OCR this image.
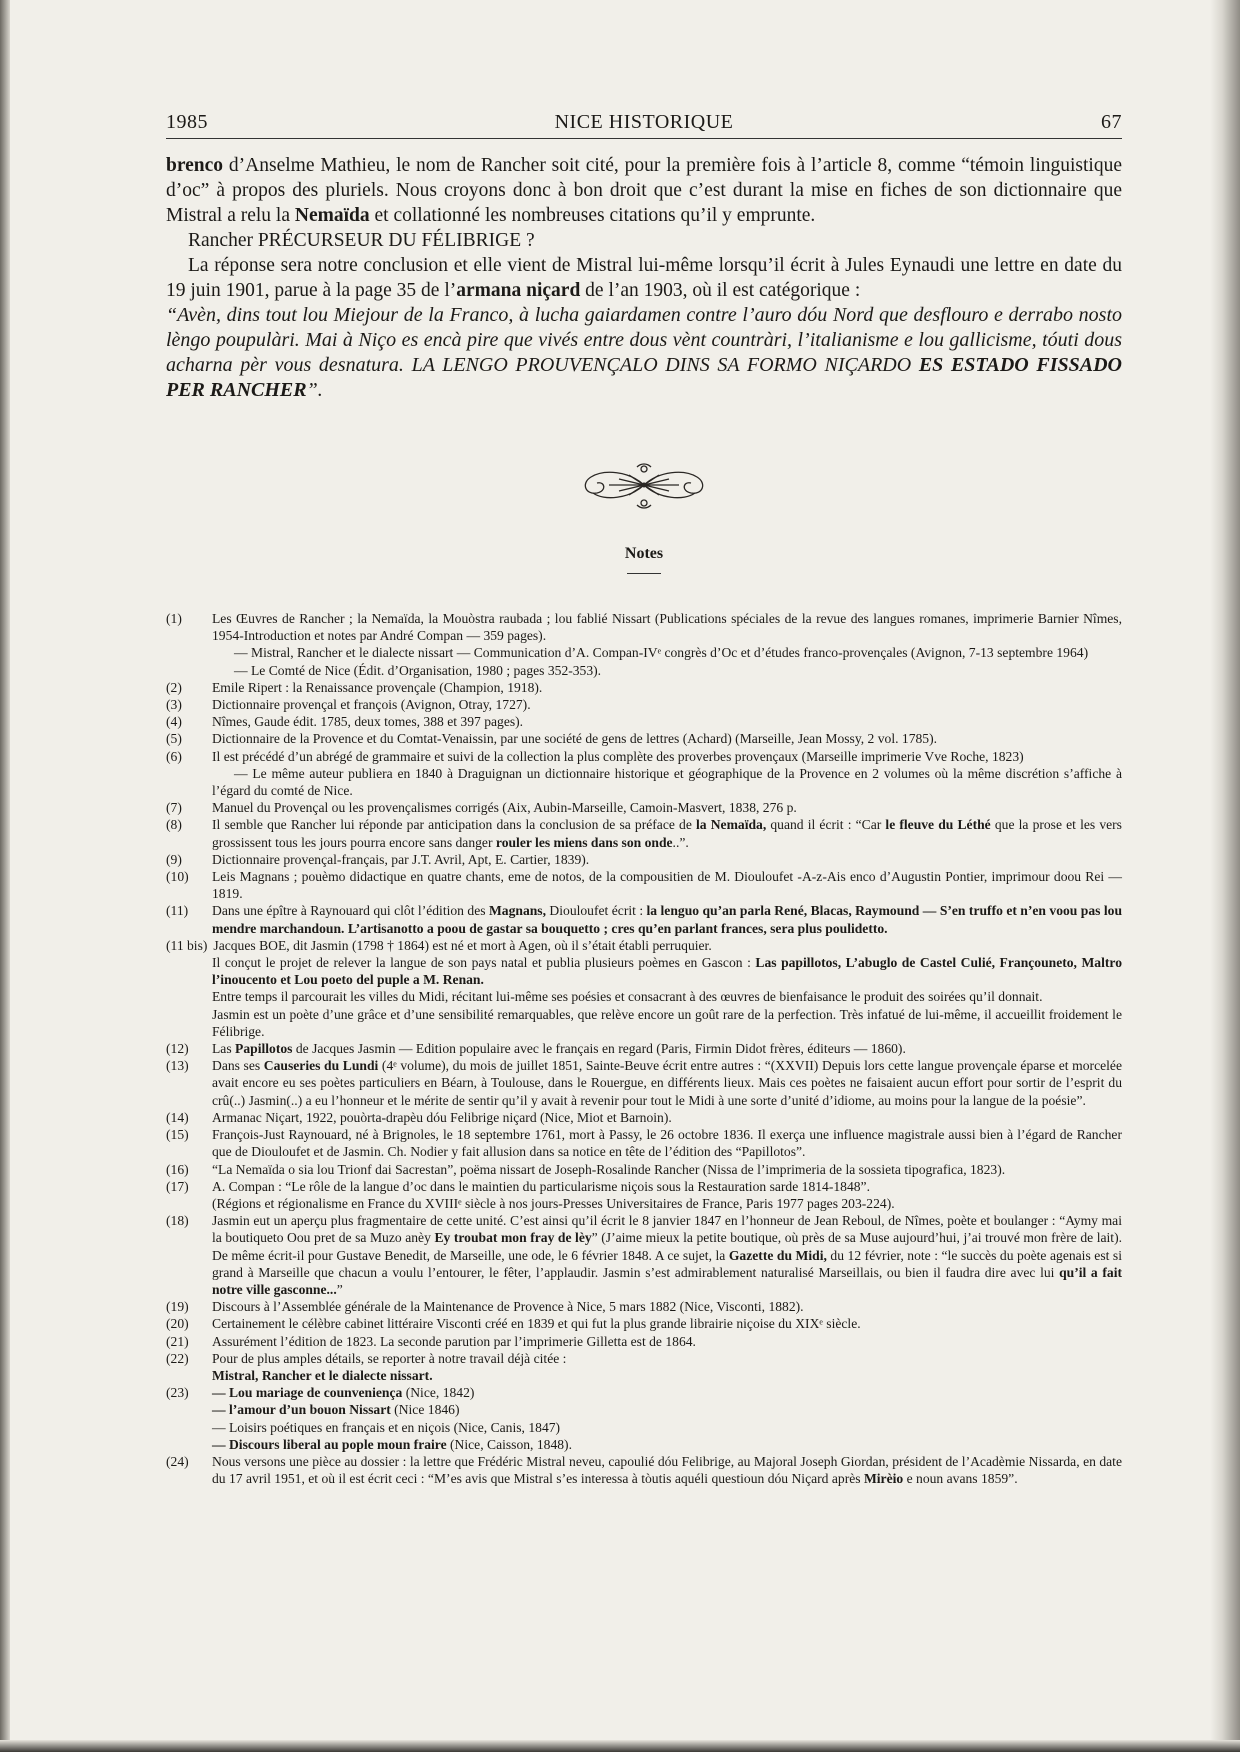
1985	NICE HISTORIQUE	67

brenco d’Anselme Mathieu, le nom de Rancher soit cité, pour la première fois à l’article 8, comme “témoin linguistique d’oc” à propos des pluriels. Nous croyons donc à bon droit que c’est durant la mise en fiches de son dictionnaire que Mistral a relu la Nemaïda et collationné les nombreuses citations qu’il y emprunte.

Rancher PRÉCURSEUR DU FÉLIBRIGE ?

La réponse sera notre conclusion et elle vient de Mistral lui-même lorsqu’il écrit à Jules Eynaudi une lettre en date du 19 juin 1901, parue à la page 35 de l’armana niçard de l’an 1903, où il est catégorique :

“Avèn, dins tout lou Miejour de la Franco, à lucha gaiardamen contre l’auro dóu Nord que desflouro e derrabo nosto lèngo poupulàri. Mai à Niço es encà pire que vivés entre dous vènt countràri, l’italianisme e lou gallicisme, tóuti dous acharna pèr vous desnatura. LA LENGO PROUVENÇALO DINS SA FORMO NIÇARDO ES ESTADO FISSADO PER RANCHER”.

Notes
(1)	Les Œuvres de Rancher ; la Nemaïda, la Mouòstra raubada ; lou fablié Nissart (Publications spéciales de la revue des langues romanes, imprimerie Barnier Nîmes, 1954-Introduction et notes par André Compan — 359 pages).
— Mistral, Rancher et le dialecte nissart — Communication d’A. Compan-IVᵉ congrès d’Oc et d’études franco-provençales (Avignon, 7-13 septembre 1964)
— Le Comté de Nice (Édit. d’Organisation, 1980 ; pages 352-353).
(2)	Emile Ripert : la Renaissance provençale (Champion, 1918).
(3)	Dictionnaire provençal et françois (Avignon, Otray, 1727).
(4)	Nîmes, Gaude édit. 1785, deux tomes, 388 et 397 pages).
(5)	Dictionnaire de la Provence et du Comtat-Venaissin, par une société de gens de lettres (Achard) (Marseille, Jean Mossy, 2 vol. 1785).
(6)	Il est précédé d’un abrégé de grammaire et suivi de la collection la plus complète des proverbes provençaux (Marseille imprimerie Vve Roche, 1823)
— Le même auteur publiera en 1840 à Draguignan un dictionnaire historique et géographique de la Provence en 2 volumes où la même discrétion s’affiche à l’égard du comté de Nice.
(7)	Manuel du Provençal ou les provençalismes corrigés (Aix, Aubin-Marseille, Camoin-Masvert, 1838, 276 p.
(8)	Il semble que Rancher lui réponde par anticipation dans la conclusion de sa préface de la Nemaïda, quand il écrit : “Car le fleuve du Léthé que la prose et les vers grossissent tous les jours pourra encore sans danger rouler les miens dans son onde..”.
(9)	Dictionnaire provençal-français, par J.T. Avril, Apt, E. Cartier, 1839).
(10)	Leis Magnans ; pouèmo didactique en quatre chants, eme de notos, de la compousitien de M. Diouloufet -A-z-Ais enco d’Augustin Pontier, imprimour doou Rei — 1819.
(11)	Dans une épître à Raynouard qui clôt l’édition des Magnans, Diouloufet écrit : la lenguo qu’an parla René, Blacas, Raymound — S’en truffo et n’en voou pas lou mendre marchandoun. L’artisanotto a poou de gastar sa bouquetto ; cres qu’en parlant frances, sera plus poulidetto.
(11 bis) Jacques BOE, dit Jasmin (1798 † 1864) est né et mort à Agen, où il s’était établi perruquier.
Il conçut le projet de relever la langue de son pays natal et publia plusieurs poèmes en Gascon : Las papillotos, L’abuglo de Castel Culié, Françouneto, Maltro l’inoucento et Lou poeto del puple a M. Renan.
Entre temps il parcourait les villes du Midi, récitant lui-même ses poésies et consacrant à des œuvres de bienfaisance le produit des soirées qu’il donnait.
Jasmin est un poète d’une grâce et d’une sensibilité remarquables, que relève encore un goût rare de la perfection. Très infatué de lui-même, il accueillit froidement le Félibrige.
(12)	Las Papillotos de Jacques Jasmin — Edition populaire avec le français en regard (Paris, Firmin Didot frères, éditeurs — 1860).
(13)	Dans ses Causeries du Lundi (4ᵉ volume), du mois de juillet 1851, Sainte-Beuve écrit entre autres : “(XXVII) Depuis lors cette langue provençale éparse et morcelée avait encore eu ses poètes particuliers en Béarn, à Toulouse, dans le Rouergue, en différents lieux. Mais ces poètes ne faisaient aucun effort pour sortir de l’esprit du crû(..) Jasmin(..) a eu l’honneur et le mérite de sentir qu’il y avait à revenir pour tout le Midi à une sorte d’unité d’idiome, au moins pour la langue de la poésie”.
(14)	Armanac Niçart, 1922, pouòrta-drapèu dóu Felibrige niçard (Nice, Miot et Barnoin).
(15)	François-Just Raynouard, né à Brignoles, le 18 septembre 1761, mort à Passy, le 26 octobre 1836. Il exerça une influence magistrale aussi bien à l’égard de Rancher que de Diouloufet et de Jasmin. Ch. Nodier y fait allusion dans sa notice en tête de l’édition des “Papillotos”.
(16)	“La Nemaïda o sia lou Trionf dai Sacrestan”, poëma nissart de Joseph-Rosalinde Rancher (Nissa de l’imprimeria de la sossieta tipografica, 1823).
(17)	A. Compan : “Le rôle de la langue d’oc dans le maintien du particularisme niçois sous la Restauration sarde 1814-1848”.
(Régions et régionalisme en France du XVIIIᵉ siècle à nos jours-Presses Universitaires de France, Paris 1977 pages 203-224).
(18)	Jasmin eut un aperçu plus fragmentaire de cette unité. C’est ainsi qu’il écrit le 8 janvier 1847 en l’honneur de Jean Reboul, de Nîmes, poète et boulanger : “Aymy mai la boutiqueto Oou pret de sa Muzo anèy Ey troubat mon fray de lèy” (J’aime mieux la petite boutique, où près de sa Muse aujourd’hui, j’ai trouvé mon frère de lait). De même écrit-il pour Gustave Benedit, de Marseille, une ode, le 6 février 1848. A ce sujet, la Gazette du Midi, du 12 février, note : “le succès du poète agenais est si grand à Marseille que chacun a voulu l’entourer, le fêter, l’applaudir. Jasmin s’est admirablement naturalisé Marseillais, ou bien il faudra dire avec lui qu’il a fait notre ville gasconne...”
(19)	Discours à l’Assemblée générale de la Maintenance de Provence à Nice, 5 mars 1882 (Nice, Visconti, 1882).
(20)	Certainement le célèbre cabinet littéraire Visconti créé en 1839 et qui fut la plus grande librairie niçoise du XIXᵉ siècle.
(21)	Assurément l’édition de 1823. La seconde parution par l’imprimerie Gilletta est de 1864.
(22)	Pour de plus amples détails, se reporter à notre travail déjà citée :
Mistral, Rancher et le dialecte nissart.
(23)	— Lou mariage de counveniença (Nice, 1842)
— l’amour d’un bouon Nissart (Nice 1846)
— Loisirs poétiques en français et en niçois (Nice, Canis, 1847)
— Discours liberal au pople moun fraire (Nice, Caisson, 1848).
(24)	Nous versons une pièce au dossier : la lettre que Frédéric Mistral neveu, capoulié dóu Felibrige, au Majoral Joseph Giordan, président de l’Acadèmie Nissarda, en date du 17 avril 1951, et où il est écrit ceci : “M’es avis que Mistral s’es interessa à tòutis aquéli questioun dóu Niçard après Mirèio e noun avans 1859”.
